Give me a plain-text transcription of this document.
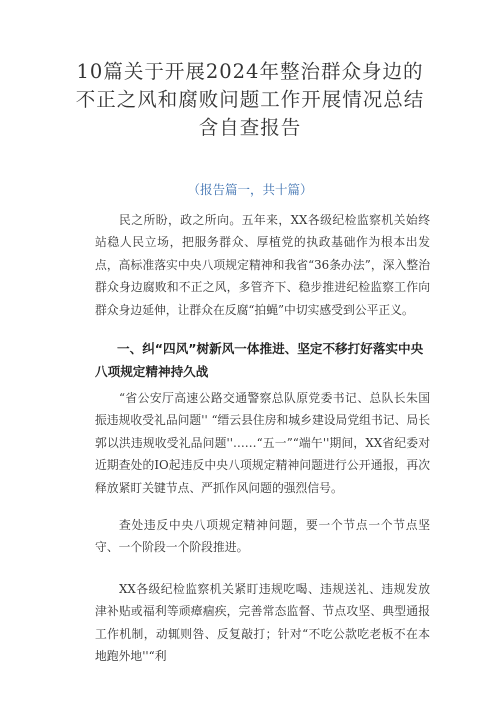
10篇关于开展2024年整治群众身边的不正之风和腐败问题工作开展情况总结含自查报告
（报告篇一，共十篇）

民之所盼，政之所向。五年来，XX各级纪检监察机关始终站稳人民立场，把服务群众、厚植党的执政基础作为根本出发点，高标准落实中央八项规定精神和我省“36条办法”，深入整治群众身边腐败和不正之风，多管齐下、稳步推进纪检监察工作向群众身边延伸，让群众在反腐“拍蝇”中切实感受到公平正义。

一、纠“四风”树新风一体推进、坚定不移打好落实中央八项规定精神持久战

“省公安厅高速公路交通警察总队原党委书记、总队长朱国振违规收受礼品问题'' “缙云县住房和城乡建设局党组书记、局长郭以洪违规收受礼品问题''……“五一”“端午''期间，XX省纪委对近期查处的IO起违反中央八项规定精神问题进行公开通报，再次释放紧盯关键节点、严抓作风问题的强烈信号。

查处违反中央八项规定精神问题，要一个节点一个节点坚守、一个阶段一个阶段推进。

XX各级纪检监察机关紧盯违规吃喝、违规送礼、违规发放津补贴或福利等顽瘴痼疾，完善常态监督、节点攻坚、典型通报工作机制，动辄则咎、反复敲打；针对“不吃公款吃老板不在本地跑外地''“利
